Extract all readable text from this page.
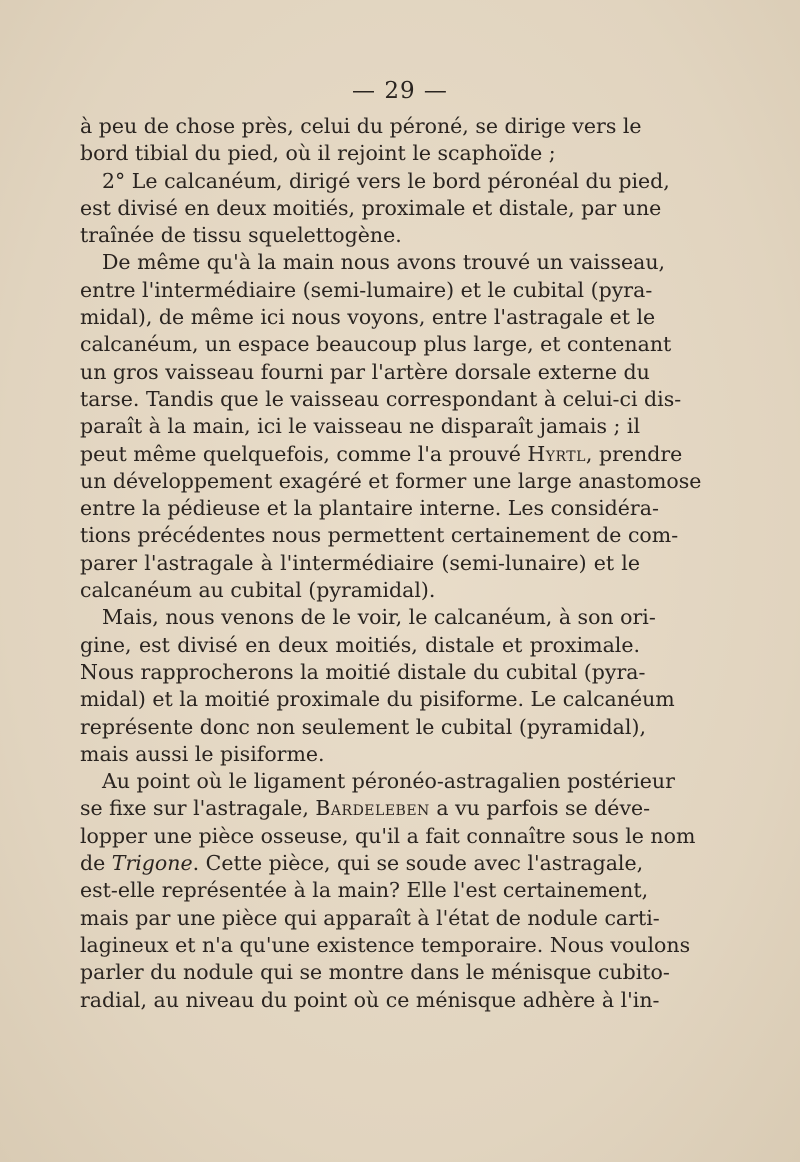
— 29 —
à peu de chose près, celui du péroné, se dirige vers le
bord tibial du pied, où il rejoint le scaphoïde ;
2° Le calcanéum, dirigé vers le bord péronéal du pied,
est divisé en deux moitiés, proximale et distale, par une
traînée de tissu squelettogène.
De même qu'à la main nous avons trouvé un vaisseau,
entre l'intermédiaire (semi-lumaire) et le cubital (pyra-
midal), de même ici nous voyons, entre l'astragale et le
calcanéum, un espace beaucoup plus large, et contenant
un gros vaisseau fourni par l'artère dorsale externe du
tarse. Tandis que le vaisseau correspondant à celui-ci dis-
paraît à la main, ici le vaisseau ne disparaît jamais ; il
peut même quelquefois, comme l'a prouvé Hyrtl, prendre
un développement exagéré et former une large anastomose
entre la pédieuse et la plantaire interne. Les considéra-
tions précédentes nous permettent certainement de com-
parer l'astragale à l'intermédiaire (semi-lunaire) et le
calcanéum au cubital (pyramidal).
Mais, nous venons de le voir, le calcanéum, à son ori-
gine, est divisé en deux moitiés, distale et proximale.
Nous rapprocherons la moitié distale du cubital (pyra-
midal) et la moitié proximale du pisiforme. Le calcanéum
représente donc non seulement le cubital (pyramidal),
mais aussi le pisiforme.
Au point où le ligament péronéo-astragalien postérieur
se fixe sur l'astragale, Bardeleben a vu parfois se déve-
lopper une pièce osseuse, qu'il a fait connaître sous le nom
de Trigone. Cette pièce, qui se soude avec l'astragale,
est-elle représentée à la main? Elle l'est certainement,
mais par une pièce qui apparaît à l'état de nodule carti-
lagineux et n'a qu'une existence temporaire. Nous voulons
parler du nodule qui se montre dans le ménisque cubito-
radial, au niveau du point où ce ménisque adhère à l'in-
